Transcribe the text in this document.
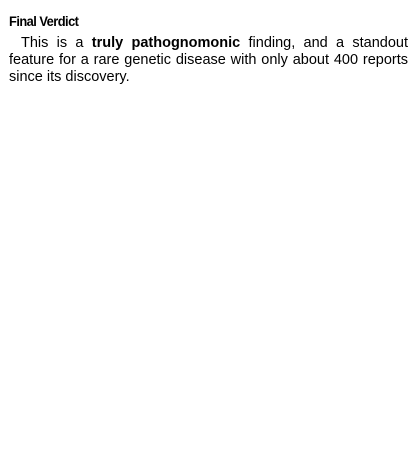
Final Verdict

This is a truly pathognomonic finding, and a standout feature for a rare genetic disease with only about 400 reports since its discovery.
